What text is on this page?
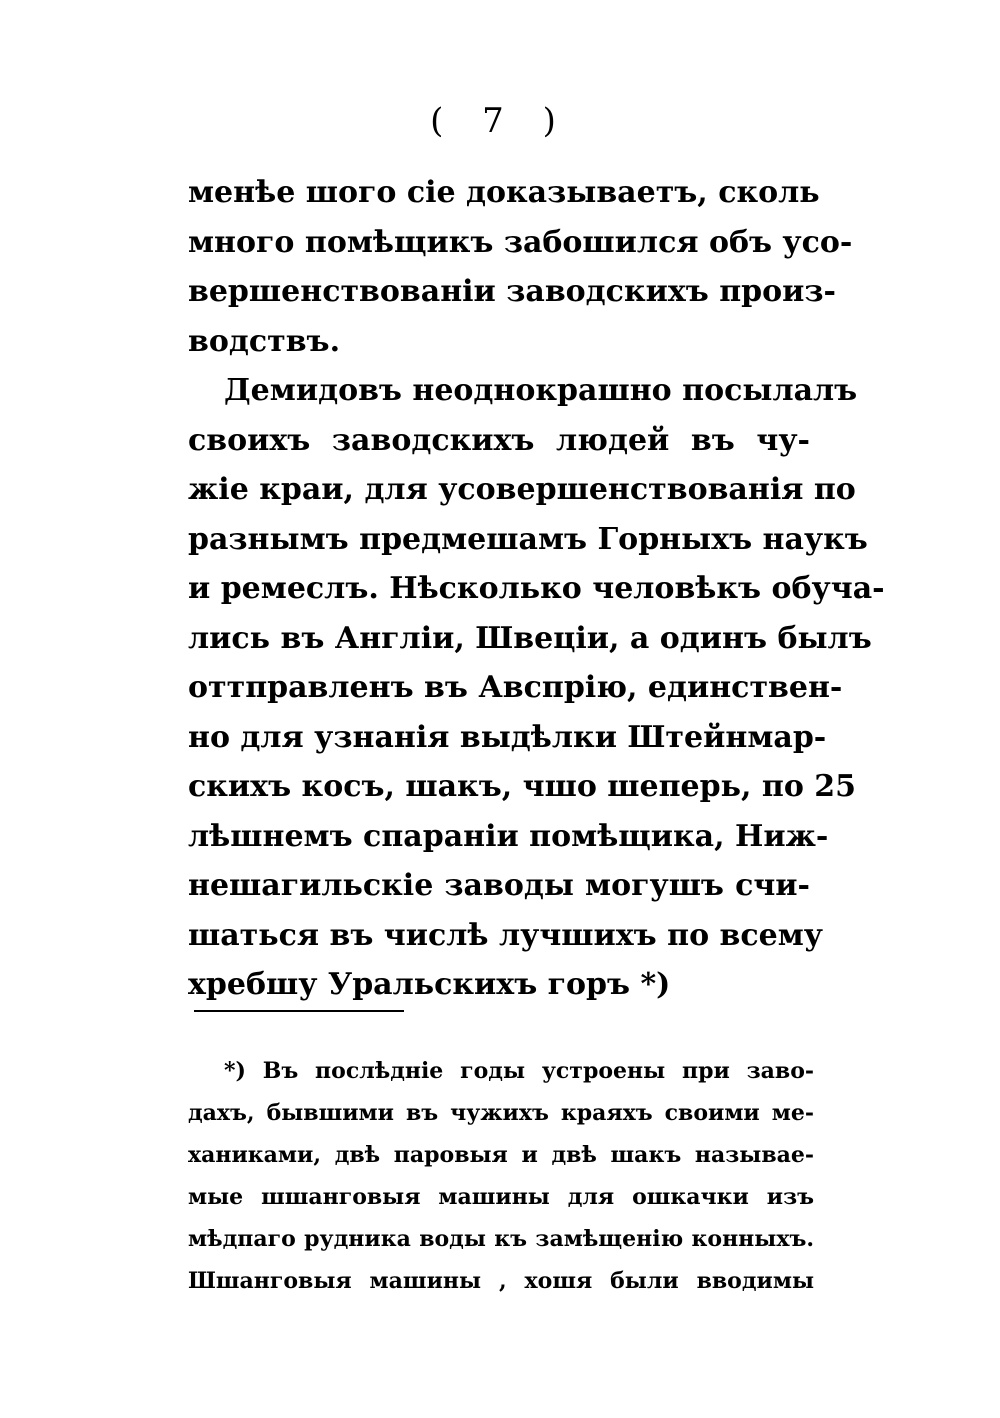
( 7 )
менѣе шого сіе доказываетъ, сколь
много помѣщикъ забошился объ усо-
вершенствованіи заводскихъ произ-
водствъ.
Демидовъ неоднокрашно посылалъ
своихъ заводскихъ людей въ чу-
жіе краи, для усовершенствованія по
разнымъ предмешамъ Горныхъ наукъ
и ремеслъ. Нѣсколько человѣкъ обуча-
лись въ Англіи, Швеціи, а одинъ былъ
оттправленъ въ Авспрію, единствен-
но для узнанія выдѣлки Штейнмар-
скихъ косъ, шакъ, чшо шеперь, по 25
лѣшнемъ спараніи помѣщика, Ниж-
нешагильскіе заводы могушъ счи-
шаться въ числѣ лучшихъ по всему
хребшу Уральскихъ горъ *)
*) Въ послѣдніе годы устроены при заво-
дахъ, бывшими въ чужихъ краяхъ своими ме-
ханиками, двѣ паровыя и двѣ шакъ называе-
мые шшанговыя машины для ошкачки изъ
мѣдпаго рудника воды къ замѣщенію конныхъ.
Шшанговыя машины , хошя были вводимы
